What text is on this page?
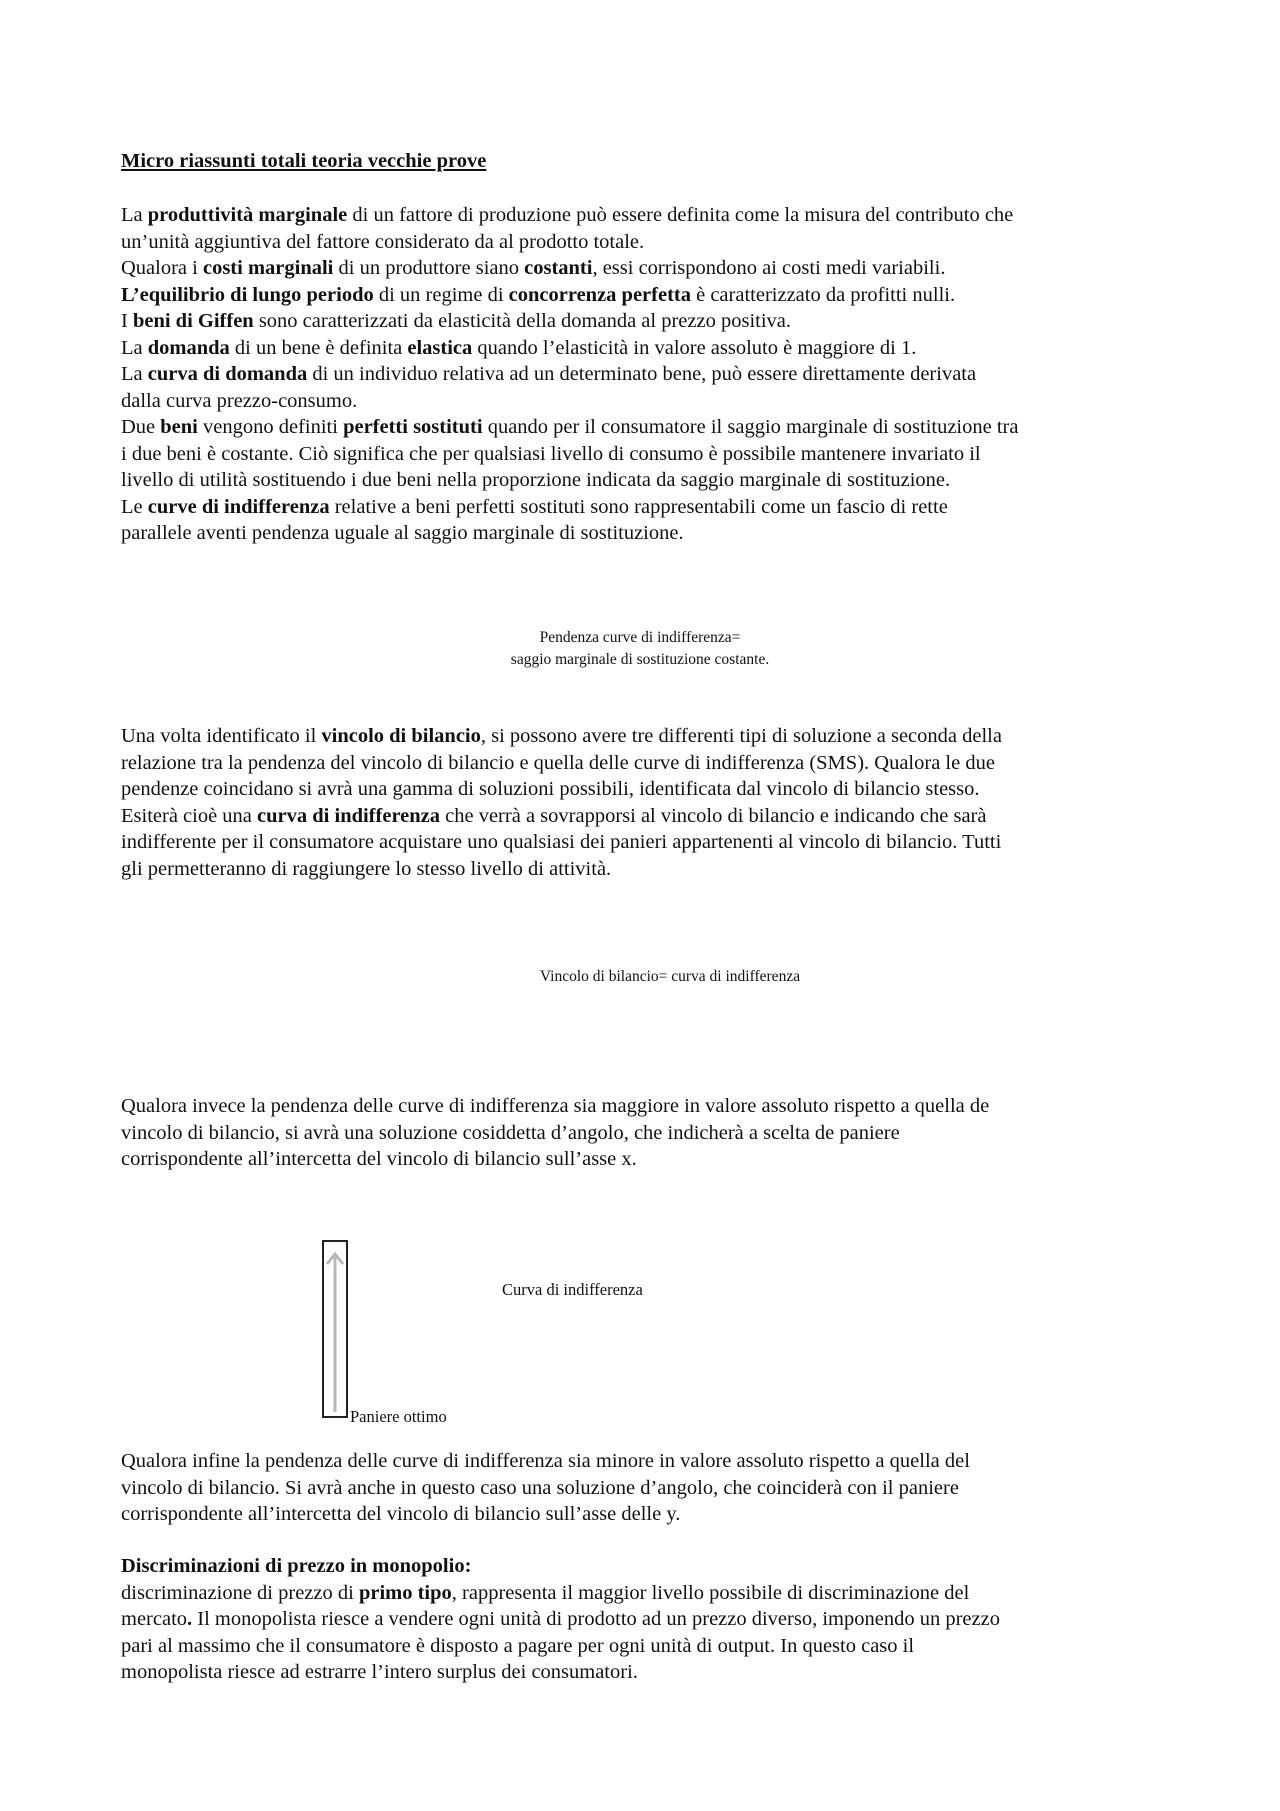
Micro riassunti totali teoria vecchie prove
La produttività marginale di un fattore di produzione può essere definita come la misura del contributo che
un’unità aggiuntiva del fattore considerato da al prodotto totale.
Qualora i costi marginali di un produttore siano costanti, essi corrispondono ai costi medi variabili.
L’equilibrio di lungo periodo di un regime di concorrenza perfetta è caratterizzato da profitti nulli.
I beni di Giffen sono caratterizzati da elasticità della domanda al prezzo positiva.
La domanda di un bene è definita elastica quando l’elasticità in valore assoluto è maggiore di 1.
La curva di domanda di un individuo relativa ad un determinato bene, può essere direttamente derivata
dalla curva prezzo-consumo.
Due beni vengono definiti perfetti sostituti quando per il consumatore il saggio marginale di sostituzione tra
i due beni è costante. Ciò significa che per qualsiasi livello di consumo è possibile mantenere invariato il
livello di utilità sostituendo i due beni nella proporzione indicata da saggio marginale di sostituzione.
Le curve di indifferenza relative a beni perfetti sostituti sono rappresentabili come un fascio di rette
parallele aventi pendenza uguale al saggio marginale di sostituzione.
Pendenza curve di indifferenza=
saggio marginale di sostituzione costante.
Una volta identificato il vincolo di bilancio, si possono avere tre differenti tipi di soluzione a seconda della
relazione tra la pendenza del vincolo di bilancio e quella delle curve di indifferenza (SMS). Qualora le due
pendenze coincidano si avrà una gamma di soluzioni possibili, identificata dal vincolo di bilancio stesso.
Esiterà cioè una curva di indifferenza che verrà a sovrapporsi al vincolo di bilancio e indicando che sarà
indifferente per il consumatore acquistare uno qualsiasi dei panieri appartenenti al vincolo di bilancio. Tutti
gli permetteranno di raggiungere lo stesso livello di attività.
Vincolo di bilancio= curva di indifferenza
Qualora invece la pendenza delle curve di indifferenza sia maggiore in valore assoluto rispetto a quella de
vincolo di bilancio, si avrà una soluzione cosiddetta d’angolo, che indicherà a scelta de paniere
corrispondente all’intercetta del vincolo di bilancio sull’asse x.
Curva di indifferenza
Paniere ottimo
Qualora infine la pendenza delle curve di indifferenza sia minore in valore assoluto rispetto a quella del
vincolo di bilancio. Si avrà anche in questo caso una soluzione d’angolo, che coinciderà con il paniere
corrispondente all’intercetta del vincolo di bilancio sull’asse delle y.

Discriminazioni di prezzo in monopolio:

discriminazione di prezzo di primo tipo, rappresenta il maggior livello possibile di discriminazione del
mercato. Il monopolista riesce a vendere ogni unità di prodotto ad un prezzo diverso, imponendo un prezzo
pari al massimo che il consumatore è disposto a pagare per ogni unità di output. In questo caso il
monopolista riesce ad estrarre l’intero surplus dei consumatori.
